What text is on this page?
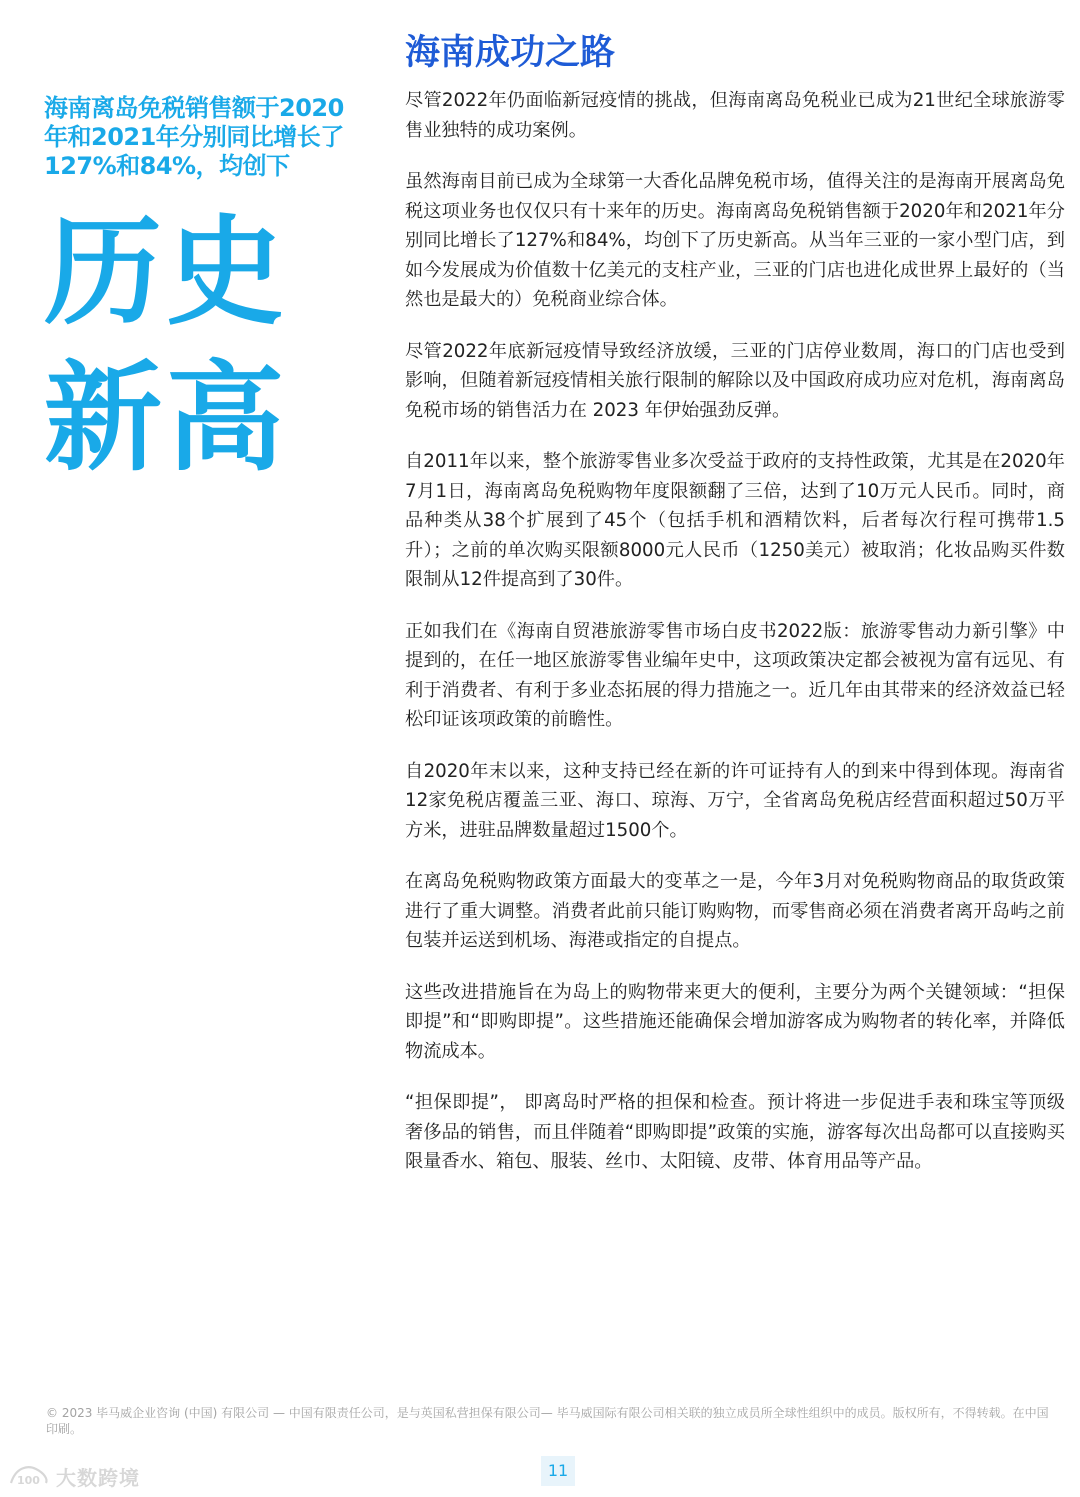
海南离岛免税销售额于2020年和2021年分别同比增长了127%和84%，均创下

历史

新高

海南成功之路

尽管2022年仍面临新冠疫情的挑战，但海南离岛免税业已成为21世纪全球旅游零售业独特的成功案例。

虽然海南目前已成为全球第一大香化品牌免税市场，值得关注的是海南开展离岛免税这项业务也仅仅只有十来年的历史。海南离岛免税销售额于2020年和2021年分别同比增长了127%和84%，均创下了历史新高。从当年三亚的一家小型门店，到如今发展成为价值数十亿美元的支柱产业，三亚的门店也进化成世界上最好的（当然也是最大的）免税商业综合体。

尽管2022年底新冠疫情导致经济放缓，三亚的门店停业数周，海口的门店也受到影响，但随着新冠疫情相关旅行限制的解除以及中国政府成功应对危机，海南离岛免税市场的销售活力在 2023 年伊始强劲反弹。

自2011年以来，整个旅游零售业多次受益于政府的支持性政策，尤其是在2020年7月1日，海南离岛免税购物年度限额翻了三倍，达到了10万元人民币。同时，商品种类从38个扩展到了45个（包括手机和酒精饮料，后者每次行程可携带1.5升）；之前的单次购买限额8000元人民币（1250美元）被取消；化妆品购买件数限制从12件提高到了30件。

正如我们在《海南自贸港旅游零售市场白皮书2022版：旅游零售动力新引擎》中提到的，在任一地区旅游零售业编年史中，这项政策决定都会被视为富有远见、有利于消费者、有利于多业态拓展的得力措施之一。近几年由其带来的经济效益已轻松印证该项政策的前瞻性。

自2020年末以来，这种支持已经在新的许可证持有人的到来中得到体现。海南省12家免税店覆盖三亚、海口、琼海、万宁，全省离岛免税店经营面积超过50万平方米，进驻品牌数量超过1500个。

在离岛免税购物政策方面最大的变革之一是，今年3月对免税购物商品的取货政策进行了重大调整。消费者此前只能订购购物，而零售商必须在消费者离开岛屿之前包装并运送到机场、海港或指定的自提点。

这些改进措施旨在为岛上的购物带来更大的便利，主要分为两个关键领域：“担保即提”和“即购即提”。这些措施还能确保会增加游客成为购物者的转化率，并降低物流成本。

“担保即提”， 即离岛时严格的担保和检查。预计将进一步促进手表和珠宝等顶级奢侈品的销售，而且伴随着“即购即提”政策的实施，游客每次出岛都可以直接购买限量香水、箱包、服装、丝巾、太阳镜、皮带、体育用品等产品。

© 2023 毕马威企业咨询 (中国) 有限公司 — 中国有限责任公司，是与英国私营担保有限公司— 毕马威国际有限公司相关联的独立成员所全球性组织中的成员。版权所有，不得转载。在中国印刷。
11
100 大数跨境
